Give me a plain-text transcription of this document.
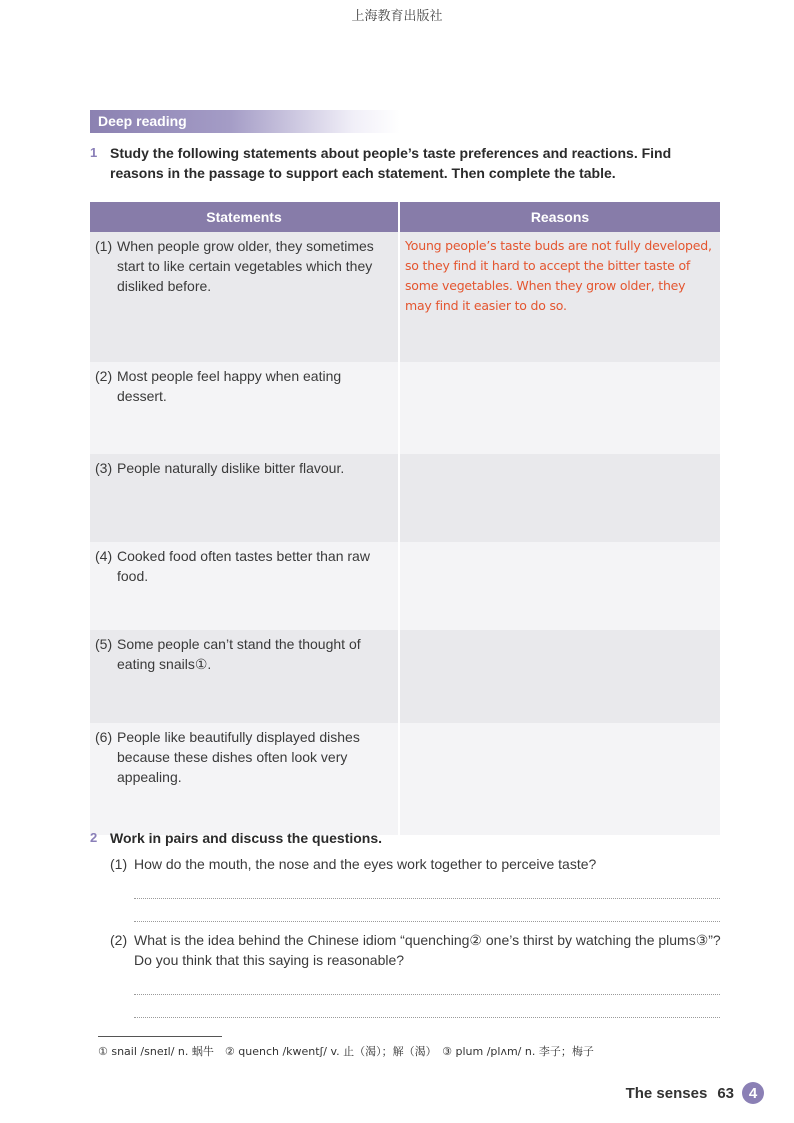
上海教育出版社
Deep reading
1 Study the following statements about people’s taste preferences and reactions. Find reasons in the passage to support each statement. Then complete the table.
Statements	Reasons

(1) When people grow older, they sometimes start to like certain vegetables which they disliked before.	Young people’s taste buds are not fully developed, so they find it hard to accept the bitter taste of some vegetables. When they grow older, they may find it easier to do so.

(2) Most people feel happy when eating dessert.	

(3) People naturally dislike bitter flavour.	

(4) Cooked food often tastes better than raw food.	

(5) Some people can’t stand the thought of eating snails①.	

(6) People like beautifully displayed dishes because these dishes often look very appealing.	

2 Work in pairs and discuss the questions.
(1) How do the mouth, the nose and the eyes work together to perceive taste?
(2) What is the idea behind the Chinese idiom “quenching② one’s thirst by watching the plums③”? Do you think that this saying is reasonable?
① snail /sneɪl/ n. 蜗牛　② quench /kwentʃ/ v. 止（渴）；解（渴）　③ plum /plʌm/ n. 李子；梅子
The senses 63 4
